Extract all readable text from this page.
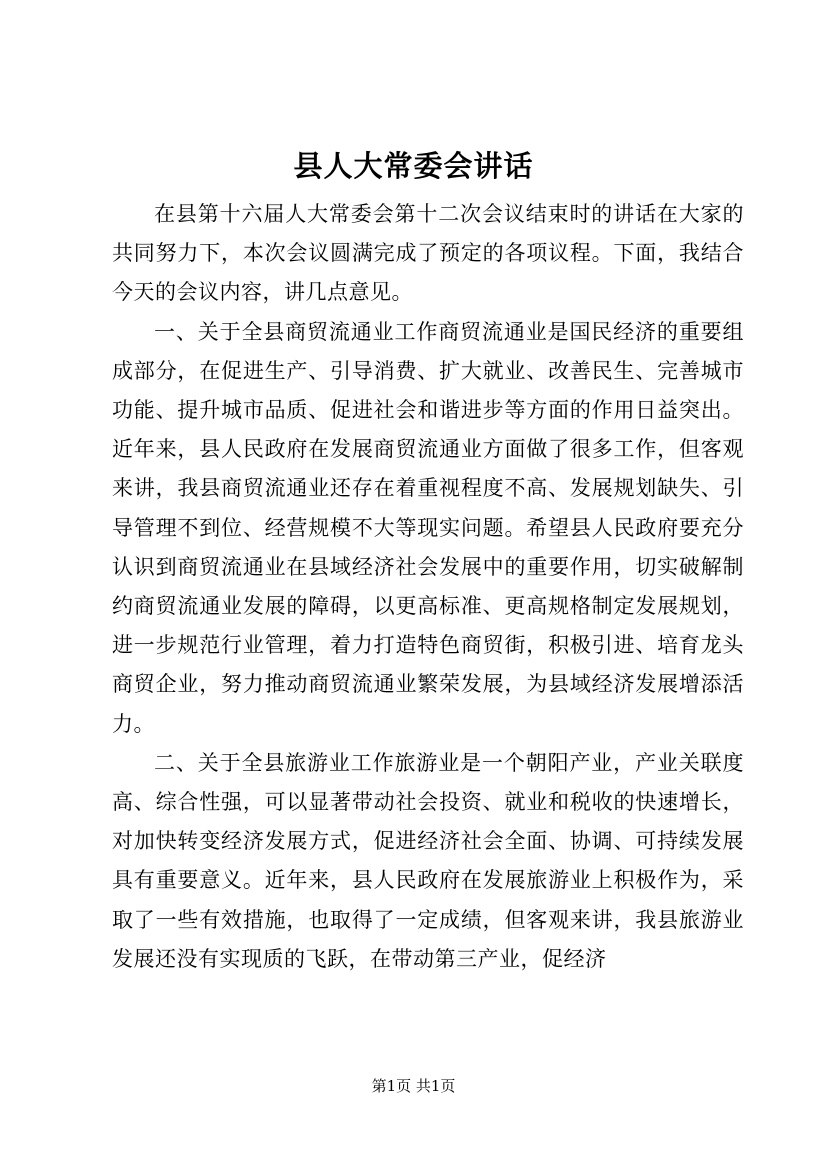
县人大常委会讲话

在县第十六届人大常委会第十二次会议结束时的讲话在大家的共同努力下，本次会议圆满完成了预定的各项议程。下面，我结合今天的会议内容，讲几点意见。

一、关于全县商贸流通业工作商贸流通业是国民经济的重要组成部分，在促进生产、引导消费、扩大就业、改善民生、完善城市功能、提升城市品质、促进社会和谐进步等方面的作用日益突出。近年来，县人民政府在发展商贸流通业方面做了很多工作，但客观来讲，我县商贸流通业还存在着重视程度不高、发展规划缺失、引导管理不到位、经营规模不大等现实问题。希望县人民政府要充分认识到商贸流通业在县域经济社会发展中的重要作用，切实破解制约商贸流通业发展的障碍，以更高标准、更高规格制定发展规划，进一步规范行业管理，着力打造特色商贸街，积极引进、培育龙头商贸企业，努力推动商贸流通业繁荣发展，为县域经济发展增添活力。

二、关于全县旅游业工作旅游业是一个朝阳产业，产业关联度高、综合性强，可以显著带动社会投资、就业和税收的快速增长，对加快转变经济发展方式，促进经济社会全面、协调、可持续发展具有重要意义。近年来，县人民政府在发展旅游业上积极作为，采取了一些有效措施，也取得了一定成绩，但客观来讲，我县旅游业发展还没有实现质的飞跃，在带动第三产业，促经济

第1页 共1页
